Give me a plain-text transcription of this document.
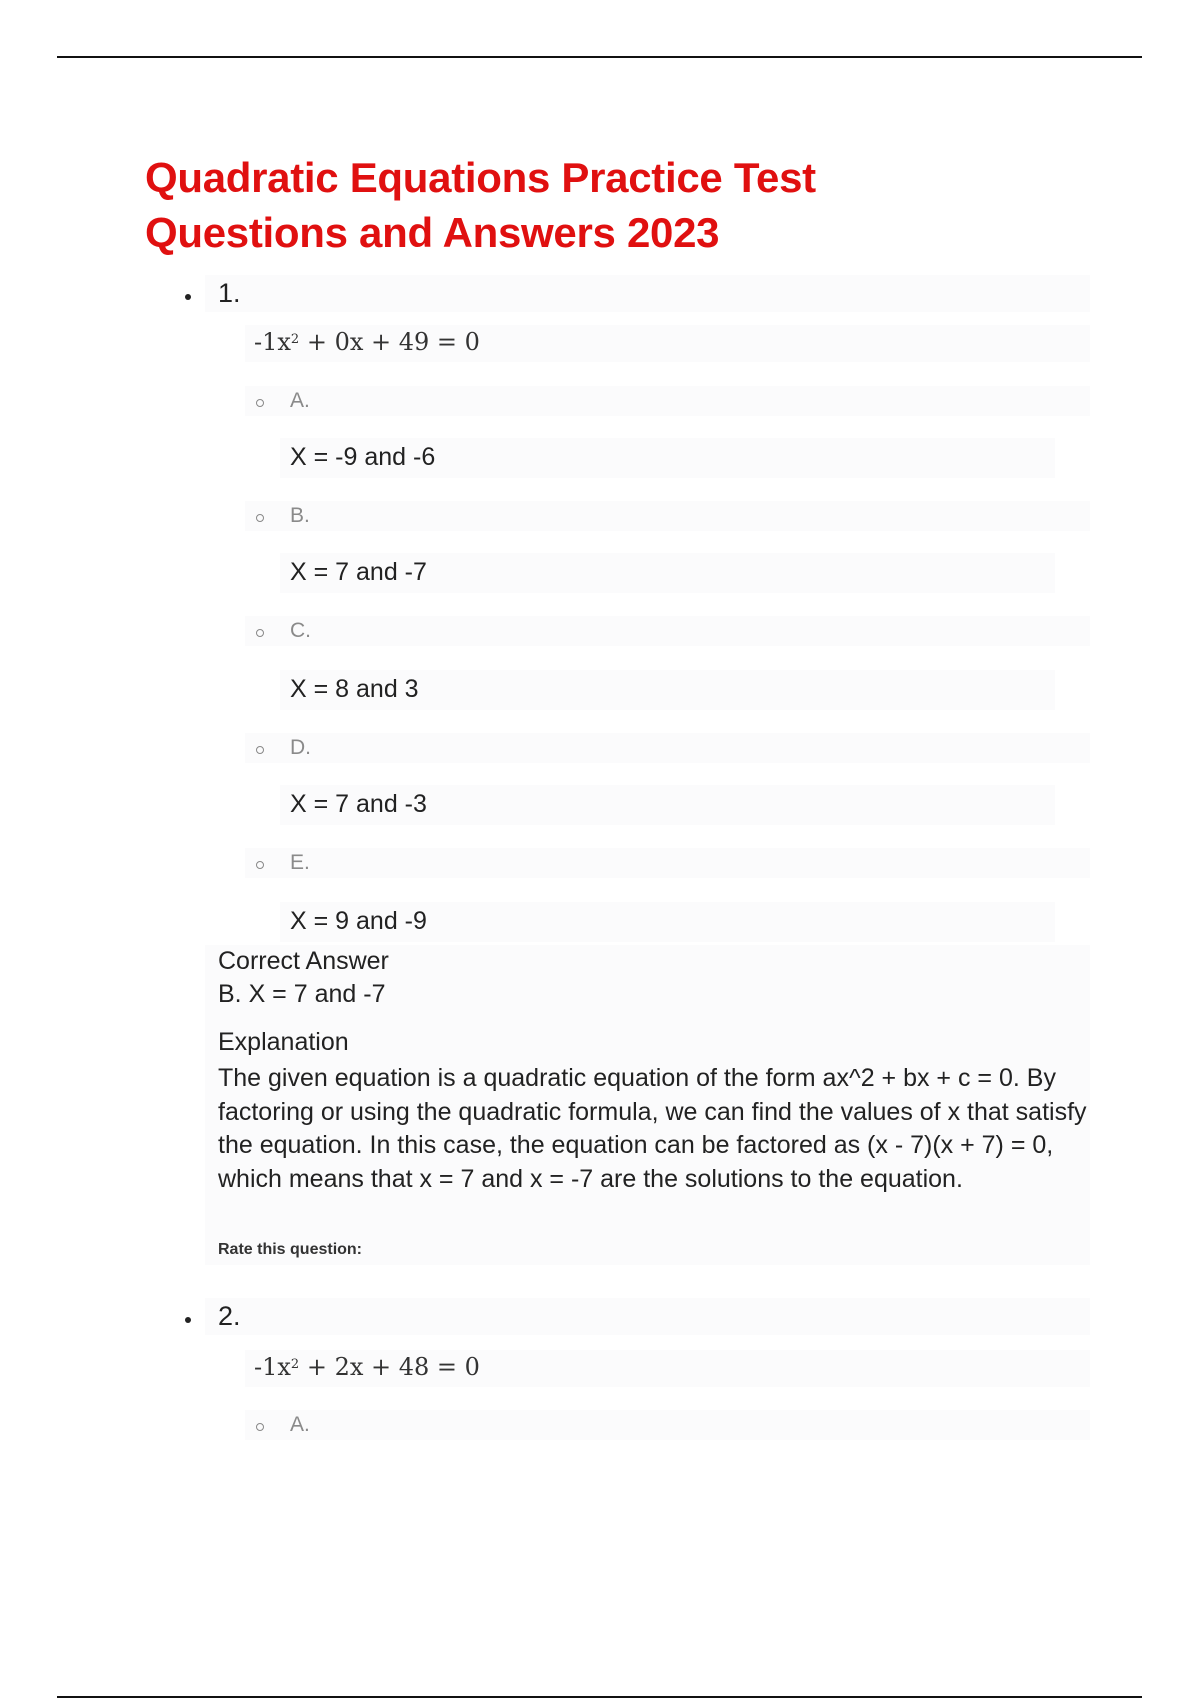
Quadratic Equations Practice Test
Questions and Answers 2023
1.
$-1x^2 + 0x + 49 = 0$
A.
X = -9 and -6
B.
X = 7 and -7
C.
X = 8 and 3
D.
X = 7 and -3
E.
X = 9 and -9
Correct Answer
B. X = 7 and -7
Explanation

The given equation is a quadratic equation of the form ax^2 + bx + c = 0. By factoring or using the quadratic formula, we can find the values of x that satisfy the equation. In this case, the equation can be factored as (x - 7)(x + 7) = 0, which means that x = 7 and x = -7 are the solutions to the equation.

Rate this question:
2.
$-1x^2 + 2x + 48 = 0$
A.
